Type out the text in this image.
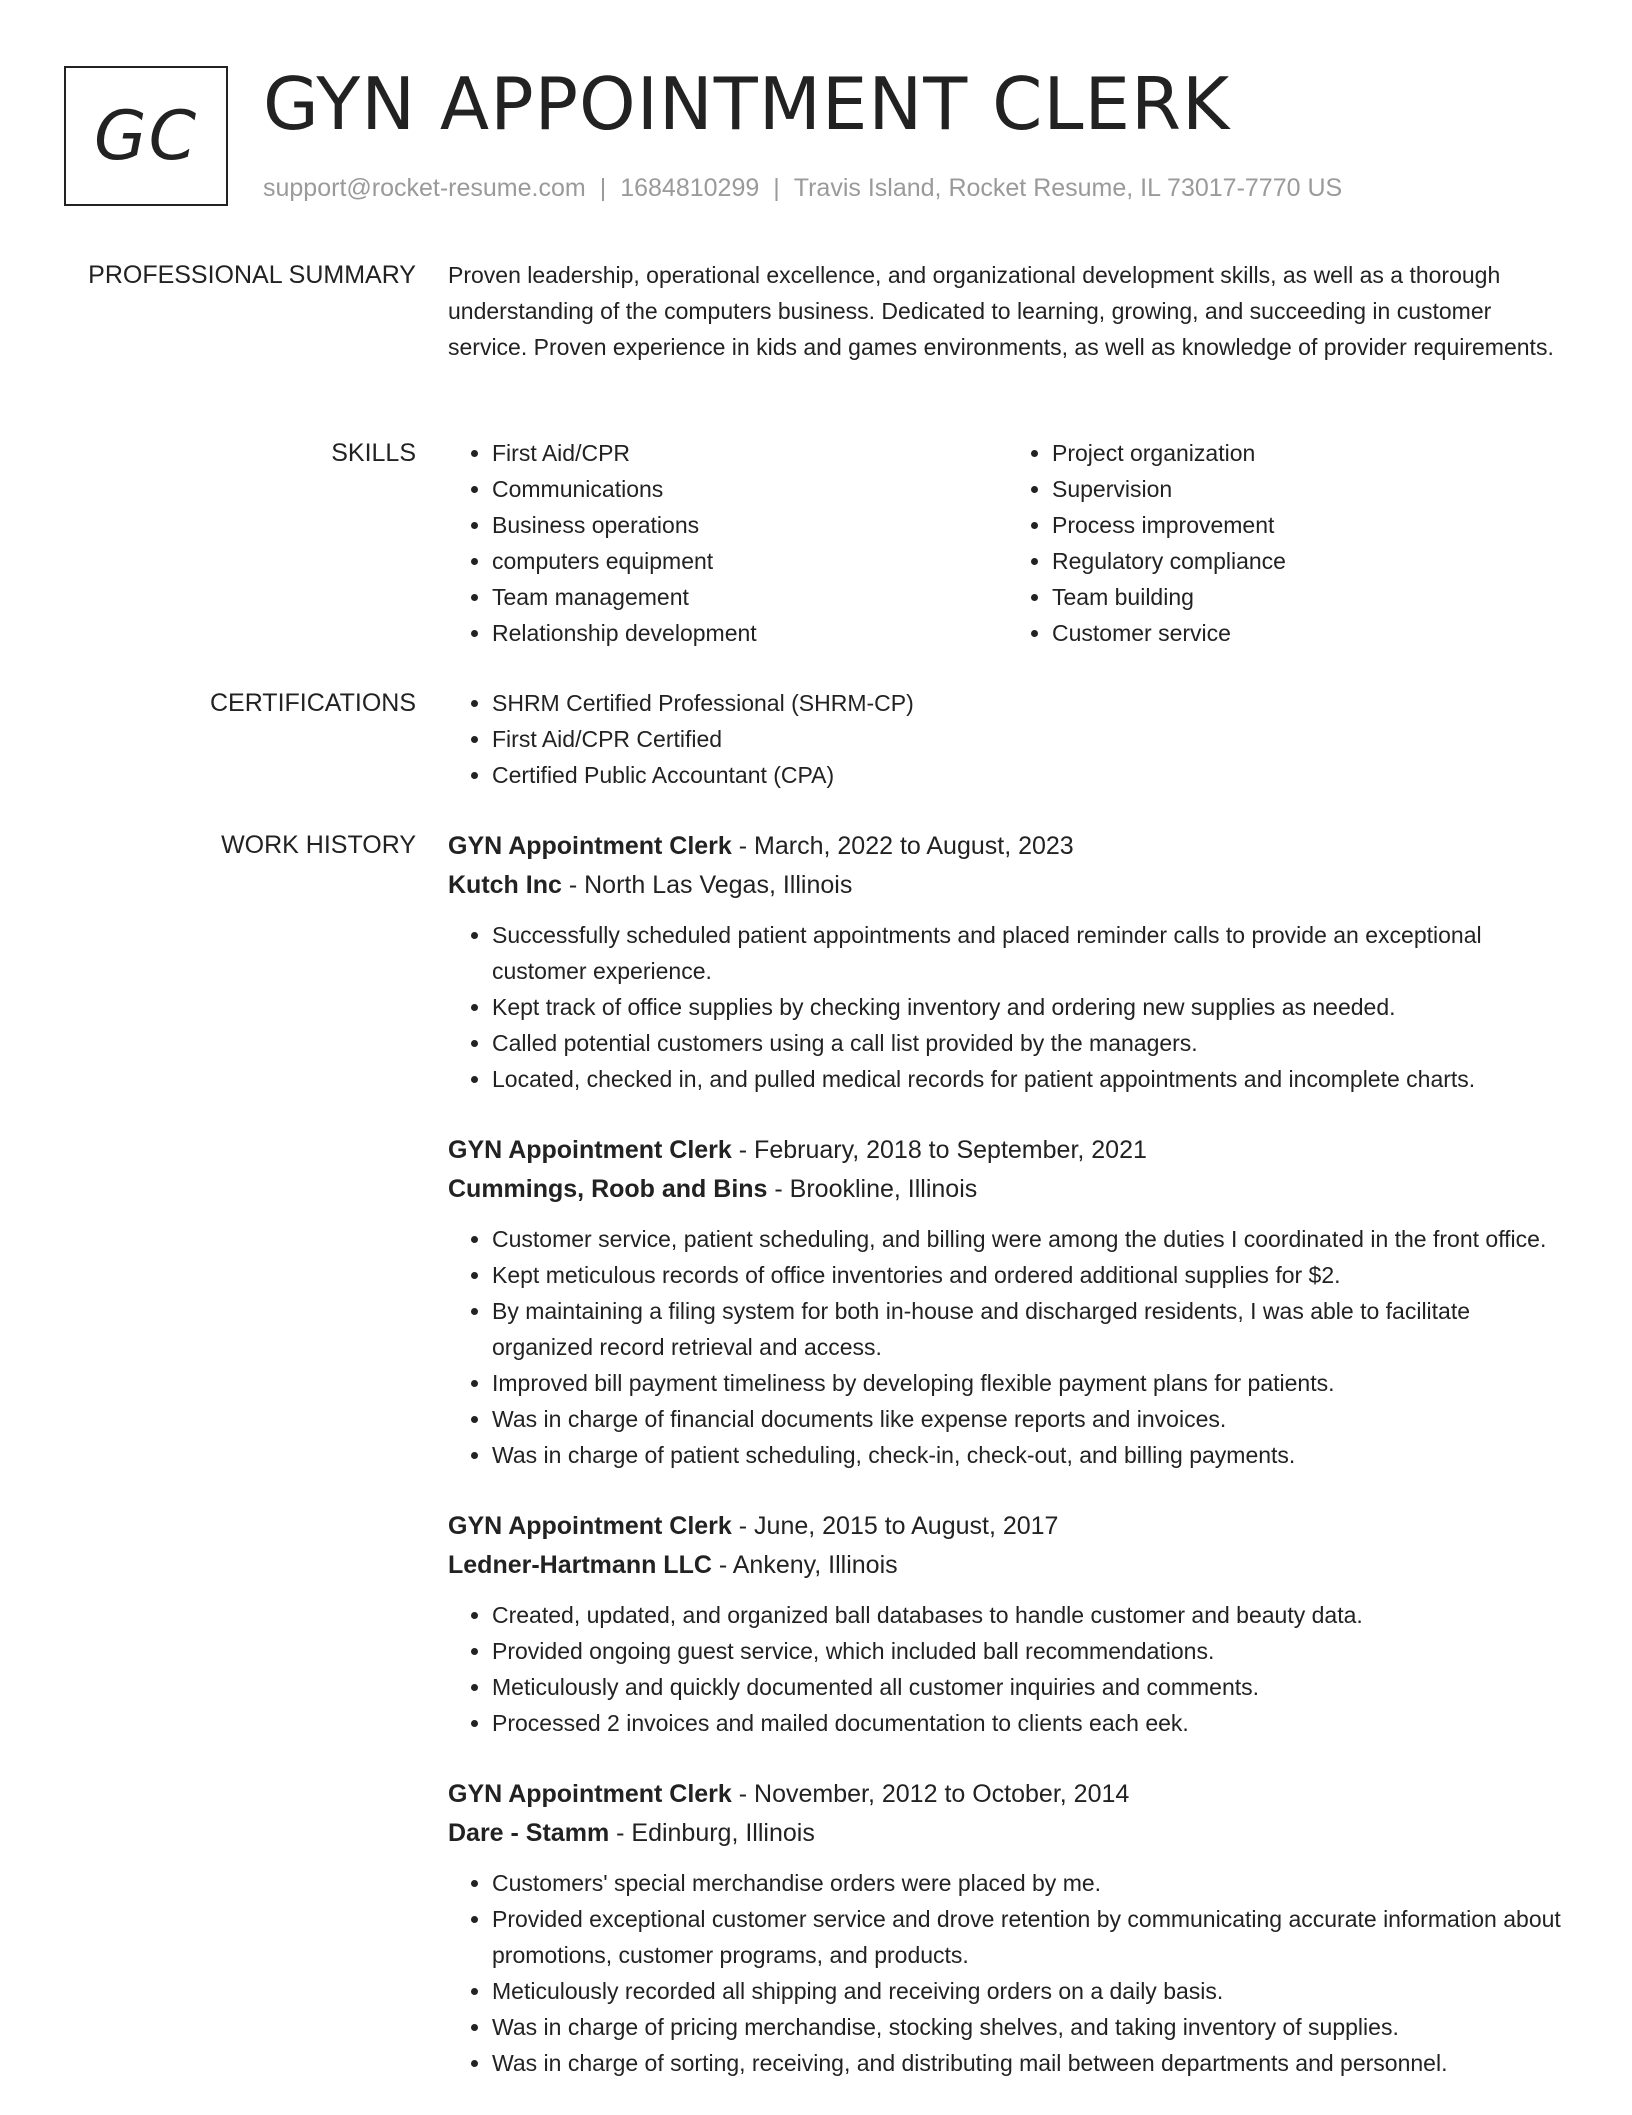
GC GYN APPOINTMENT CLERK
support@rocket-resume.com | 1684810299 | Travis Island, Rocket Resume, IL 73017-7770 US
PROFESSIONAL SUMMARY Proven leadership, operational excellence, and organizational development skills, as well as a thorough understanding of the computers business. Dedicated to learning, growing, and succeeding in customer service. Proven experience in kids and games environments, as well as knowledge of provider requirements.

SKILLS	• First Aid/CPR
• Communications
• Business operations
• computers equipment
• Team management
• Relationship development
• Project organization
• Supervision
• Process improvement
• Regulatory compliance
• Team building
• Customer service
CERTIFICATIONS	• SHRM Certified Professional (SHRM-CP)
• First Aid/CPR Certified
• Certified Public Accountant (CPA)
WORK HISTORY GYN Appointment Clerk - March, 2022 to August, 2023

Kutch Inc - North Las Vegas, Illinois

• Successfully scheduled patient appointments and placed reminder calls to provide an exceptional customer experience.
• Kept track of office supplies by checking inventory and ordering new supplies as needed.
• Called potential customers using a call list provided by the managers.
• Located, checked in, and pulled medical records for patient appointments and incomplete charts.

GYN Appointment Clerk - February, 2018 to September, 2021

Cummings, Roob and Bins - Brookline, Illinois

• Customer service, patient scheduling, and billing were among the duties I coordinated in the front office.
• Kept meticulous records of office inventories and ordered additional supplies for $2.
• By maintaining a filing system for both in-house and discharged residents, I was able to facilitate organized record retrieval and access.
• Improved bill payment timeliness by developing flexible payment plans for patients.
• Was in charge of financial documents like expense reports and invoices.
• Was in charge of patient scheduling, check-in, check-out, and billing payments.

GYN Appointment Clerk - June, 2015 to August, 2017

Ledner-Hartmann LLC - Ankeny, Illinois

• Created, updated, and organized ball databases to handle customer and beauty data.
• Provided ongoing guest service, which included ball recommendations.
• Meticulously and quickly documented all customer inquiries and comments.
• Processed 2 invoices and mailed documentation to clients each eek.

GYN Appointment Clerk - November, 2012 to October, 2014

Dare - Stamm - Edinburg, Illinois

• Customers' special merchandise orders were placed by me.
• Provided exceptional customer service and drove retention by communicating accurate information about promotions, customer programs, and products.
• Meticulously recorded all shipping and receiving orders on a daily basis.
• Was in charge of pricing merchandise, stocking shelves, and taking inventory of supplies.
• Was in charge of sorting, receiving, and distributing mail between departments and personnel.
